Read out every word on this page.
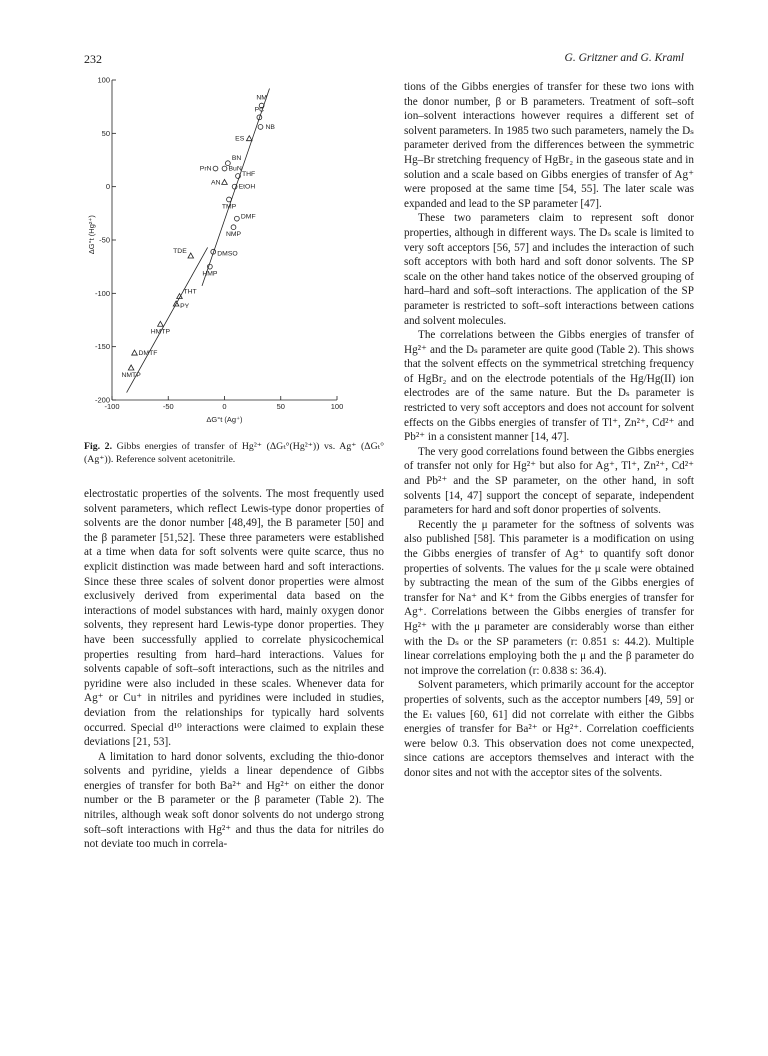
232	G. Gritzner and G. Kraml
100
50
0
-50
-100
-150
-200
-100	-50	0	50	100
ΔG°t (Ag⁺)
ΔG°t (Hg²⁺)
NM
PC
NB
BN
BuN
PrN
THF
EtOH
TMP
DMF
NMP
DMSO
HMP
AN
ES
TDE
THT
PY
HMTP
DMTF
NMTP
Fig. 2. Gibbs energies of transfer of Hg²⁺ (ΔGₜ°(Hg²⁺)) vs. Ag⁺ (ΔGₜ°(Ag⁺)). Reference solvent acetonitrile.

electrostatic properties of the solvents. The most frequently used solvent parameters, which reflect Lewis-type donor properties of solvents are the donor number [48,49], the B parameter [50] and the β parameter [51,52]. These three parameters were established at a time when data for soft solvents were quite scarce, thus no explicit distinction was made between hard and soft interactions. Since these three scales of solvent donor properties were almost exclusively derived from experimental data based on the interactions of model substances with hard, mainly oxygen donor solvents, they represent hard Lewis-type donor properties. They have been successfully applied to correlate physicochemical properties resulting from hard–hard interactions. Values for solvents capable of soft–soft interactions, such as the nitriles and pyridine were also included in these scales. Whenever data for Ag⁺ or Cu⁺ in nitriles and pyridines were included in studies, deviation from the relationships for typically hard solvents occurred. Special d¹⁰ interactions were claimed to explain these deviations [21, 53].

A limitation to hard donor solvents, excluding the thio-donor solvents and pyridine, yields a linear dependence of Gibbs energies of transfer for both Ba²⁺ and Hg²⁺ on either the donor number or the B parameter or the β parameter (Table 2). The nitriles, although weak soft donor solvents do not undergo strong soft–soft interactions with Hg²⁺ and thus the data for nitriles do not deviate too much in correla-

tions of the Gibbs energies of transfer for these two ions with the donor number, β or B parameters. Treatment of soft–soft ion–solvent interactions however requires a different set of solvent parameters. In 1985 two such parameters, namely the Dₛ parameter derived from the differences between the symmetric Hg–Br stretching frequency of HgBr₂ in the gaseous state and in solution and a scale based on Gibbs energies of transfer of Ag⁺ were proposed at the same time [54, 55]. The later scale was expanded and lead to the SP parameter [47].

These two parameters claim to represent soft donor properties, although in different ways. The Dₛ scale is limited to very soft acceptors [56, 57] and includes the interaction of such soft acceptors with both hard and soft donor solvents. The SP scale on the other hand takes notice of the observed grouping of hard–hard and soft–soft interactions. The application of the SP parameter is restricted to soft–soft interactions between cations and solvent molecules.

The correlations between the Gibbs energies of transfer of Hg²⁺ and the Dₛ parameter are quite good (Table 2). This shows that the solvent effects on the symmetrical stretching frequency of HgBr₂ and on the electrode potentials of the Hg/Hg(II) ion electrodes are of the same nature. But the Dₛ parameter is restricted to very soft acceptors and does not account for solvent effects on the Gibbs energies of transfer of Tl⁺, Zn²⁺, Cd²⁺ and Pb²⁺ in a consistent manner [14, 47].

The very good correlations found between the Gibbs energies of transfer not only for Hg²⁺ but also for Ag⁺, Tl⁺, Zn²⁺, Cd²⁺ and Pb²⁺ and the SP parameter, on the other hand, in soft solvents [14, 47] support the concept of separate, independent parameters for hard and soft donor properties of solvents.

Recently the μ parameter for the softness of solvents was also published [58]. This parameter is a modification on using the Gibbs energies of transfer of Ag⁺ to quantify soft donor properties of solvents. The values for the μ scale were obtained by subtracting the mean of the sum of the Gibbs energies of transfer for Na⁺ and K⁺ from the Gibbs energies of transfer for Ag⁺. Correlations between the Gibbs energies of transfer for Hg²⁺ with the μ parameter are considerably worse than either with the Dₛ or the SP parameters (r: 0.851 s: 44.2). Multiple linear correlations employing both the μ and the β parameter do not improve the correlation (r: 0.838 s: 36.4).

Solvent parameters, which primarily account for the acceptor properties of solvents, such as the acceptor numbers [49, 59] or the Eₜ values [60, 61] did not correlate with either the Gibbs energies of transfer for Ba²⁺ or Hg²⁺. Correlation coefficients were below 0.3. This observation does not come unexpected, since cations are acceptors themselves and interact with the donor sites and not with the acceptor sites of the solvents.
